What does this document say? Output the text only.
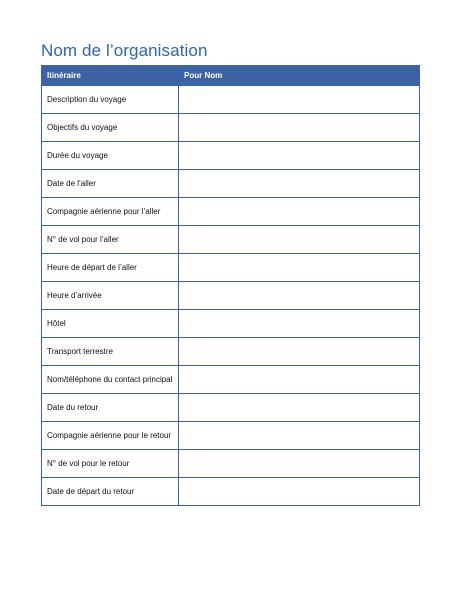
Nom de l’organisation
Itinéraire	Pour Nom
Description du voyage	
Objectifs du voyage	
Durée du voyage	
Date de l’aller	
Compagnie aérienne pour l’aller	
N° de vol pour l’aller	
Heure de départ de l’aller	
Heure d’arrivée	
Hôtel	
Transport terrestre	
Nom/téléphone du contact principal	
Date du retour	
Compagnie aérienne pour le retour	
N° de vol pour le retour	
Date de départ du retour	
